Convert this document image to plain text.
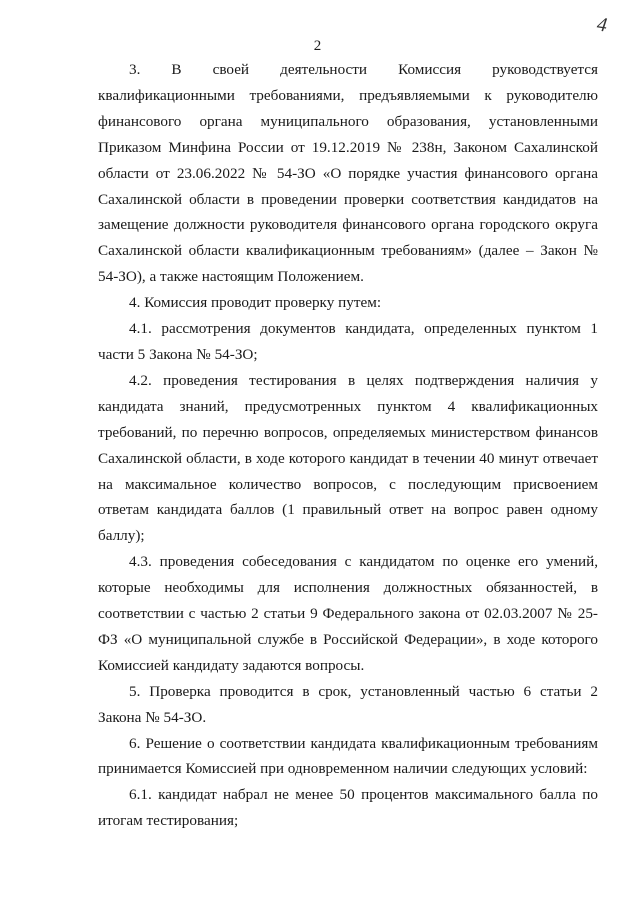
4
2

3. В своей деятельности Комиссия руководствуется квалификационными требованиями, предъявляемыми к руководителю финансового органа муниципального образования, установленными Приказом Минфина России от 19.12.2019 № 238н, Законом Сахалинской области от 23.06.2022 № 54-ЗО «О порядке участия финансового органа Сахалинской области в проведении проверки соответствия кандидатов на замещение должности руководителя финансового органа городского округа Сахалинской области квалификационным требованиям» (далее – Закон № 54-ЗО), а также настоящим Положением.

4. Комиссия проводит проверку путем:

4.1. рассмотрения документов кандидата, определенных пунктом 1 части 5 Закона № 54-ЗО;

4.2. проведения тестирования в целях подтверждения наличия у кандидата знаний, предусмотренных пунктом 4 квалификационных требований, по перечню вопросов, определяемых министерством финансов Сахалинской области, в ходе которого кандидат в течении 40 минут отвечает на максимальное количество вопросов, с последующим присвоением ответам кандидата баллов (1 правильный ответ на вопрос равен одному баллу);

4.3. проведения собеседования с кандидатом по оценке его умений, которые необходимы для исполнения должностных обязанностей, в соответствии с частью 2 статьи 9 Федерального закона от 02.03.2007 № 25-ФЗ «О муниципальной службе в Российской Федерации», в ходе которого Комиссией кандидату задаются вопросы.

5. Проверка проводится в срок, установленный частью 6 статьи 2 Закона № 54-ЗО.

6. Решение о соответствии кандидата квалификационным требованиям принимается Комиссией при одновременном наличии следующих условий:

6.1. кандидат набрал не менее 50 процентов максимального балла по итогам тестирования;
